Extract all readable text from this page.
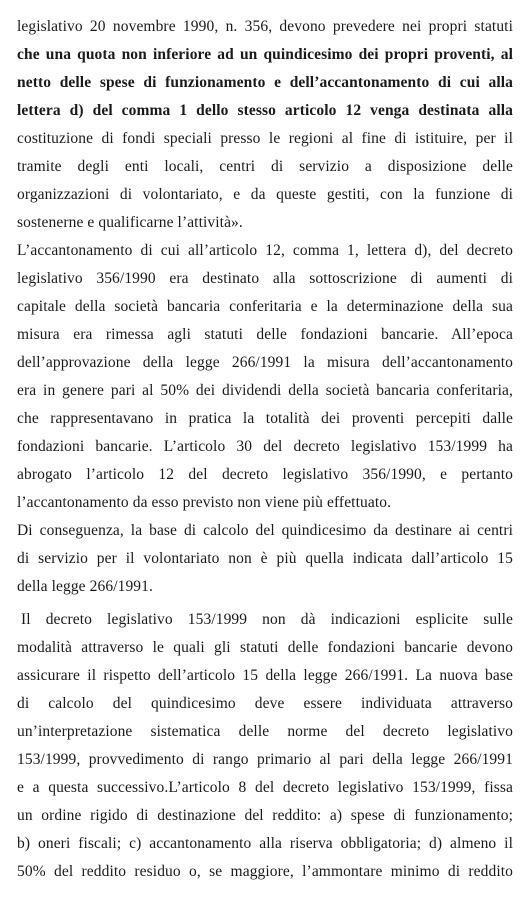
legislativo 20 novembre 1990, n. 356, devono prevedere nei propri statuti
che una quota non inferiore ad un quindicesimo dei propri proventi, al
netto delle spese di funzionamento e dell’accantonamento di cui alla
lettera d) del comma 1 dello stesso articolo 12 venga destinata alla
costituzione di fondi speciali presso le regioni al fine di istituire, per il
tramite degli enti locali, centri di servizio a disposizione delle
organizzazioni di volontariato, e da queste gestiti, con la funzione di
sostenerne e qualificarne l’attività».
L’accantonamento di cui all’articolo 12, comma 1, lettera d), del decreto
legislativo 356/1990 era destinato alla sottoscrizione di aumenti di
capitale della società bancaria conferitaria e la determinazione della sua
misura era rimessa agli statuti delle fondazioni bancarie. All’epoca
dell’approvazione della legge 266/1991 la misura dell’accantonamento
era in genere pari al 50% dei dividendi della società bancaria conferitaria,
che rappresentavano in pratica la totalità dei proventi percepiti dalle
fondazioni bancarie. L’articolo 30 del decreto legislativo 153/1999 ha
abrogato l’articolo 12 del decreto legislativo 356/1990, e pertanto
l’accantonamento da esso previsto non viene più effettuato.
Di conseguenza, la base di calcolo del quindicesimo da destinare ai centri
di servizio per il volontariato non è più quella indicata dall’articolo 15
della legge 266/1991.
Il decreto legislativo 153/1999 non dà indicazioni esplicite sulle
modalità attraverso le quali gli statuti delle fondazioni bancarie devono
assicurare il rispetto dell’articolo 15 della legge 266/1991. La nuova base
di calcolo del quindicesimo deve essere individuata attraverso
un’interpretazione sistematica delle norme del decreto legislativo
153/1999, provvedimento di rango primario al pari della legge 266/1991
e a questa successivo.L’articolo 8 del decreto legislativo 153/1999, fissa
un ordine rigido di destinazione del reddito: a) spese di funzionamento;
b) oneri fiscali; c) accantonamento alla riserva obbligatoria; d) almeno il
50% del reddito residuo o, se maggiore, l’ammontare minimo di reddito
